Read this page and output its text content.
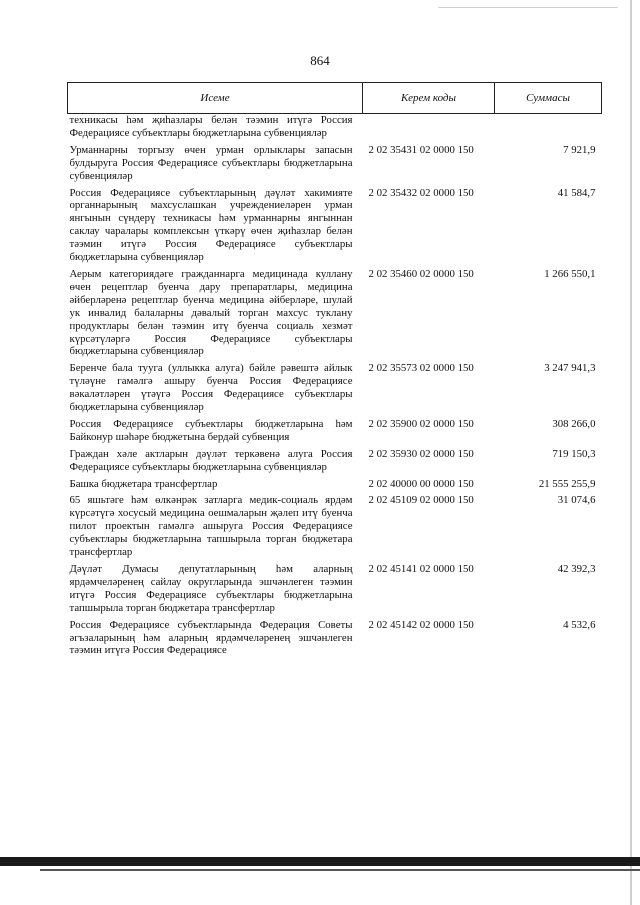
864
Исеме	Керем коды	Суммасы
техникасы һәм җиһазлары белән тәэмин итүгә Россия Федерациясе субъектлары бюджетларына субвенцияләр		
Урманнарны торгызу өчен урман орлыклары запасын булдыруга Россия Федерациясе субъектлары бюджетларына субвенцияләр	2 02 35431 02 0000 150	7 921,9
Россия Федерациясе субъектларының дәүләт хакимияте органнарының махсуслашкан учреждениеләрен урман янгынын сүндерү техникасы һәм урманнарны янгыннан саклау чаралары комплексын үткәрү өчен җиһазлар белән тәэмин итүгә Россия Федерациясе субъектлары бюджетларына субвенцияләр	2 02 35432 02 0000 150	41 584,7
Аерым категориядәге гражданнарга медицинада кулланy өчен рецептлар буенча дару препаратлары, медицина әйберләренә рецептлар буенча медицина әйберләре, шулай ук инвалид балаларны дәвалый торган махсус туклану продуктлары белән тәэмин итү буенча социаль хезмәт күрсәтүләргә Россия Федерациясе субъектлары бюджетларына субвенцияләр	2 02 35460 02 0000 150	1 266 550,1
Беренче бала туугa (уллыкка алуга) бәйле рәвештә айлык түләүне гамәлгә ашыру буенча Россия Федерациясе вәкаләтләрен үтәүгә Россия Федерациясе субъектлары бюджетларына субвенцияләр	2 02 35573 02 0000 150	3 247 941,3
Россия Федерациясе субъектлары бюджетларына һәм Байконур шәһәре бюджетына бердәй субвенция	2 02 35900 02 0000 150	308 266,0
Граждан хәле актларын дәүләт теркәвенә алуга Россия Федерациясе субъектлары бюджетларына субвенцияләр	2 02 35930 02 0000 150	719 150,3
Башка бюджетара трансфертлар	2 02 40000 00 0000 150	21 555 255,9
65 яшьтәге һәм өлкәнрәк затларга медик-социаль ярдәм күрсәтүгә хосусый медицина оешмаларын җәлеп итү буенча пилот проектын гамәлгә ашыруга Россия Федерациясе субъектлары бюджетларына тапшырыла торган бюджетара трансфертлар	2 02 45109 02 0000 150	31 074,6
Дәүләт Думасы депутатларының һәм аларның ярдәмчеләренең сайлау округларында эшчәнлеген тәэмин итүгә Россия Федерациясе субъектлары бюджетларына тапшырыла торган бюджетара трансфертлар	2 02 45141 02 0000 150	42 392,3
Россия Федерациясе субъектларында Федерация Советы әгъзаларының һәм аларның ярдәмчеләренең эшчәнлеген тәэмин итүгә Россия Федерациясе	2 02 45142 02 0000 150	4 532,6
